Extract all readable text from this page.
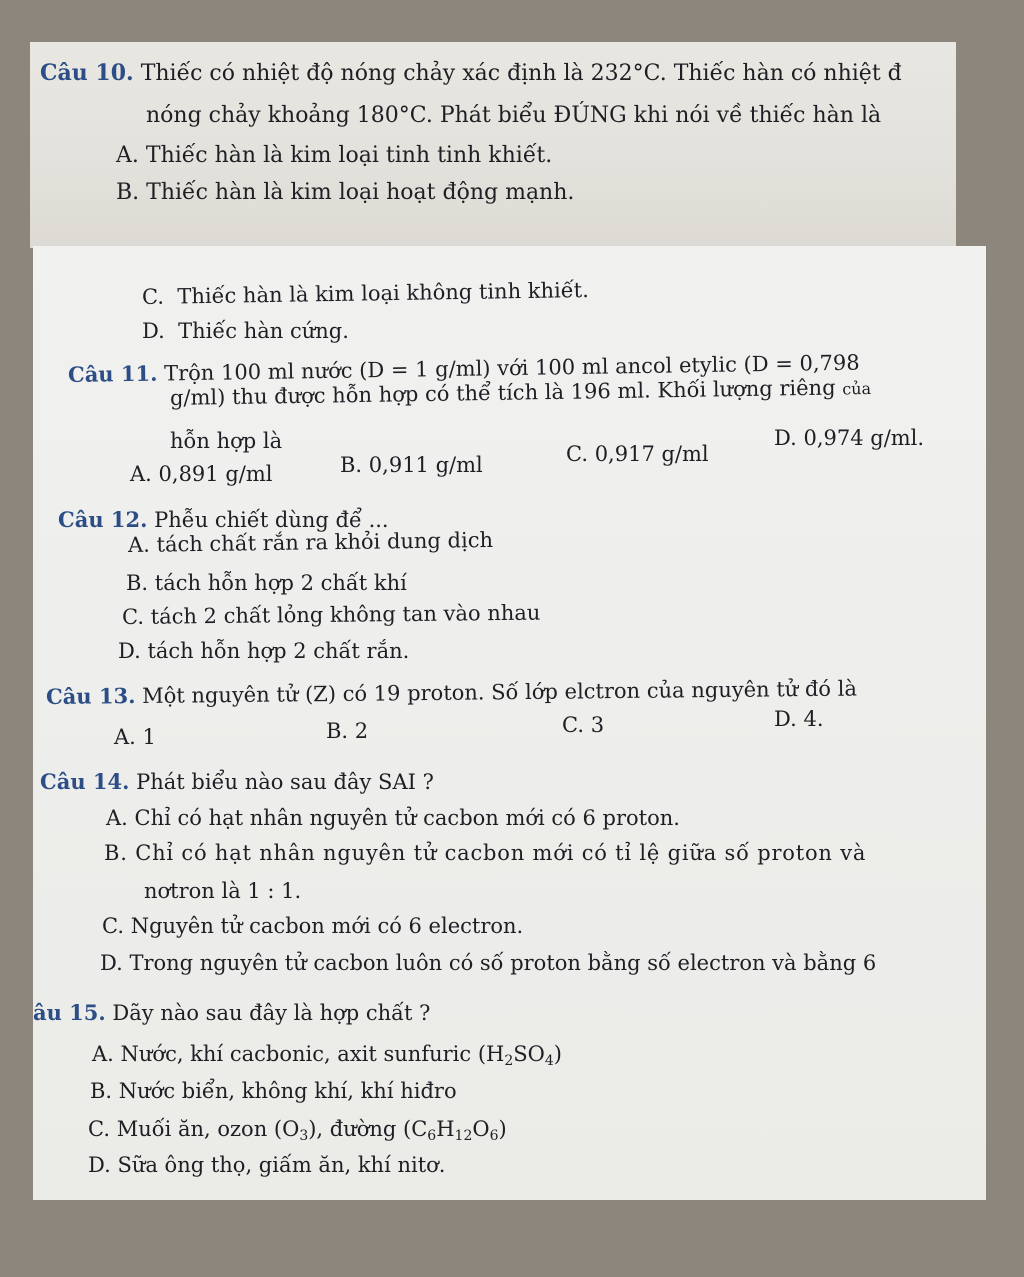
Câu 10. Thiếc có nhiệt độ nóng chảy xác định là 232°C. Thiếc hàn có nhiệt đ
nóng chảy khoảng 180°C. Phát biểu ĐÚNG khi nói về thiếc hàn là
A. Thiếc hàn là kim loại tinh tinh khiết.
B. Thiếc hàn là kim loại hoạt động mạnh.
C. Thiếc hàn là kim loại không tinh khiết.
D. Thiếc hàn cứng.
Câu 11. Trộn 100 ml nước (D = 1 g/ml) với 100 ml ancol etylic (D = 0,798
g/ml) thu được hỗn hợp có thể tích là 196 ml. Khối lượng riêng của
hỗn hợp là
A. 0,891 g/ml	B. 0,911 g/ml	C. 0,917 g/ml
D. 0,974 g/ml.
Câu 12. Phễu chiết dùng để ...
A. tách chất rắn ra khỏi dung dịch
B. tách hỗn hợp 2 chất khí
C. tách 2 chất lỏng không tan vào nhau
D. tách hỗn hợp 2 chất rắn.
Câu 13. Một nguyên tử (Z) có 19 proton. Số lớp elctron của nguyên tử đó là
A. 1	B. 2	C. 3	D. 4.
Câu 14. Phát biểu nào sau đây SAI ?
A. Chỉ có hạt nhân nguyên tử cacbon mới có 6 proton.
B. Chỉ có hạt nhân nguyên tử cacbon mới có tỉ lệ giữa số proton và
nơtron là 1 : 1.
C. Nguyên tử cacbon mới có 6 electron.
D. Trong nguyên tử cacbon luôn có số proton bằng số electron và bằng 6
âu 15. Dãy nào sau đây là hợp chất ?
A. Nước, khí cacbonic, axit sunfuric $(H_2SO_4)$
B. Nước biển, không khí, khí hiđro
C. Muối ăn, ozon $(O_3)$, đường $(C_6H_{12}O_6)$
D. Sữa ông thọ, giấm ăn, khí nitơ.
